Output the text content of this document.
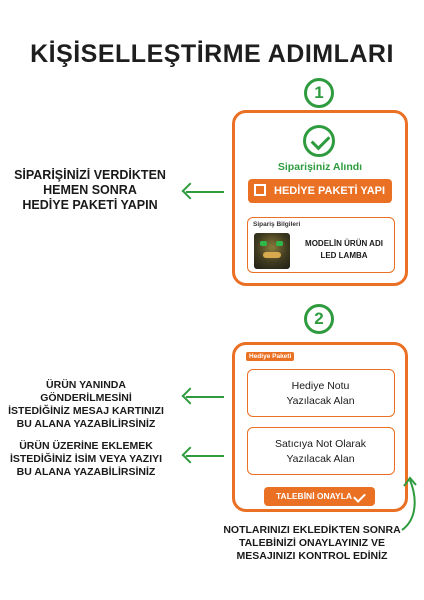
KİŞİSELLEŞTİRME ADIMLARI
1
SİPARİŞİNİZİ VERDİKTEN
HEMEN SONRA
HEDİYE PAKETİ YAPIN
Siparişiniz Alındı
HEDİYE PAKETİ YAPI
Sipariş Bilgileri
MODELİN ÜRÜN ADI
LED LAMBA
2
Hediye Paketi
Hediye Notu
Yazılacak Alan
Satıcıya Not Olarak
Yazılacak Alan
TALEBİNİ ONAYLA
ÜRÜN YANINDA GÖNDERİLMESİNİ
İSTEDİĞİNİZ MESAJ KARTINIZI
BU ALANA YAZABİLİRSİNİZ
ÜRÜN ÜZERİNE EKLEMEK
İSTEDİĞİNİZ İSİM VEYA YAZIYI
BU ALANA YAZABİLİRSİNİZ
NOTLARINIZI EKLEDİKTEN SONRA
TALEBİNİZİ ONAYLAYINIZ VE
MESAJINIZI KONTROL EDİNİZ
